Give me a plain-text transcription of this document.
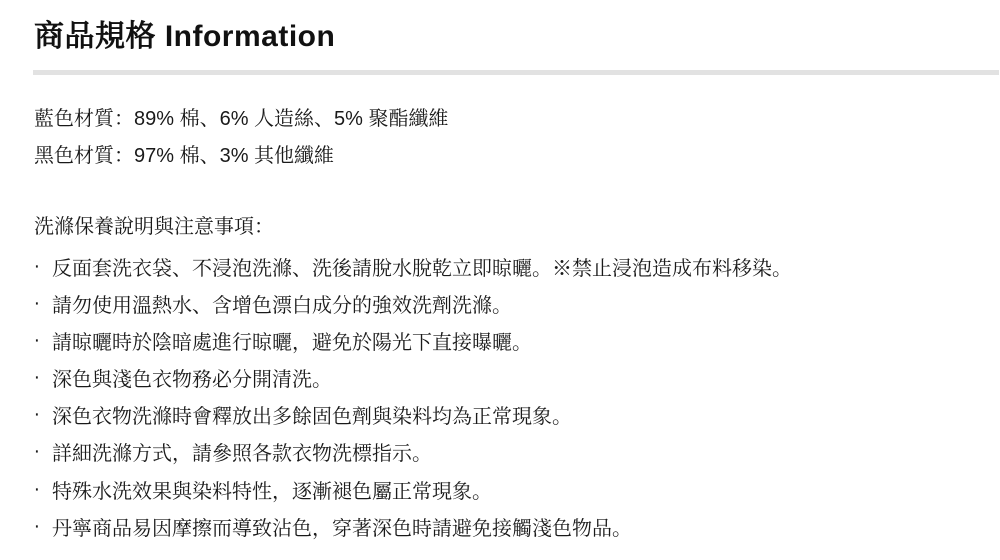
商品規格 Information
藍色材質：89% 棉、6% 人造絲、5% 聚酯纖維
黑色材質：97% 棉、3% 其他纖維
洗滌保養說明與注意事項：
‧ 反面套洗衣袋、不浸泡洗滌、洗後請脫水脫乾立即晾曬。※禁止浸泡造成布料移染。
‧ 請勿使用溫熱水、含增色漂白成分的強效洗劑洗滌。
‧ 請晾曬時於陰暗處進行晾曬，避免於陽光下直接曝曬。
‧ 深色與淺色衣物務必分開清洗。
‧ 深色衣物洗滌時會釋放出多餘固色劑與染料均為正常現象。
‧ 詳細洗滌方式，請參照各款衣物洗標指示。
‧ 特殊水洗效果與染料特性，逐漸褪色屬正常現象。
‧ 丹寧商品易因摩擦而導致沾色，穿著深色時請避免接觸淺色物品。
